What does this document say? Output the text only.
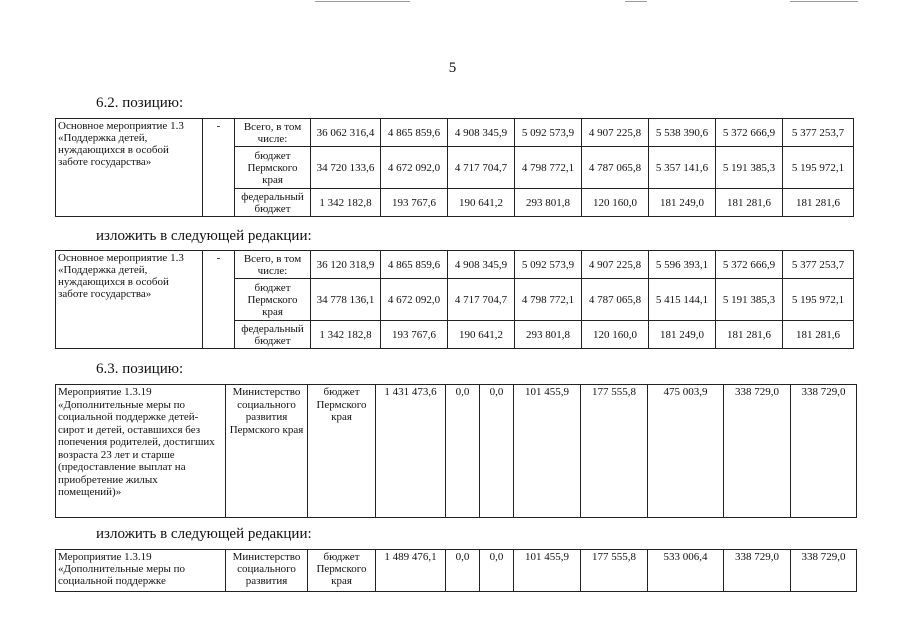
5
6.2. позицию:
Основное мероприятие 1.3 «Поддержка детей, нуждающихся в особой заботе государства»	-	Всего, в том числе:	36 062 316,4	4 865 859,6	4 908 345,9	5 092 573,9	4 907 225,8	5 538 390,6	5 372 666,9	5 377 253,7
		бюджет Пермского края	34 720 133,6	4 672 092,0	4 717 704,7	4 798 772,1	4 787 065,8	5 357 141,6	5 191 385,3	5 195 972,1
		федеральный бюджет	1 342 182,8	193 767,6	190 641,2	293 801,8	120 160,0	181 249,0	181 281,6	181 281,6
изложить в следующей редакции:
Основное мероприятие 1.3 «Поддержка детей, нуждающихся в особой заботе государства»	-	Всего, в том числе:	36 120 318,9	4 865 859,6	4 908 345,9	5 092 573,9	4 907 225,8	5 596 393,1	5 372 666,9	5 377 253,7
		бюджет Пермского края	34 778 136,1	4 672 092,0	4 717 704,7	4 798 772,1	4 787 065,8	5 415 144,1	5 191 385,3	5 195 972,1
		федеральный бюджет	1 342 182,8	193 767,6	190 641,2	293 801,8	120 160,0	181 249,0	181 281,6	181 281,6
6.3. позицию:
Мероприятие 1.3.19 «Дополнительные меры по социальной поддержке детей-сирот и детей, оставшихся без попечения родителей, достигших возраста 23 лет и старше (предоставление выплат на приобретение жилых помещений)»	Министерство социального развития Пермского края	бюджет Пермского края	1 431 473,6	0,0	0,0	101 455,9	177 555,8	475 003,9	338 729,0	338 729,0
изложить в следующей редакции:
Мероприятие 1.3.19 «Дополнительные меры по социальной поддержке	Министерство социального развития	бюджет Пермского края	1 489 476,1	0,0	0,0	101 455,9	177 555,8	533 006,4	338 729,0	338 729,0
